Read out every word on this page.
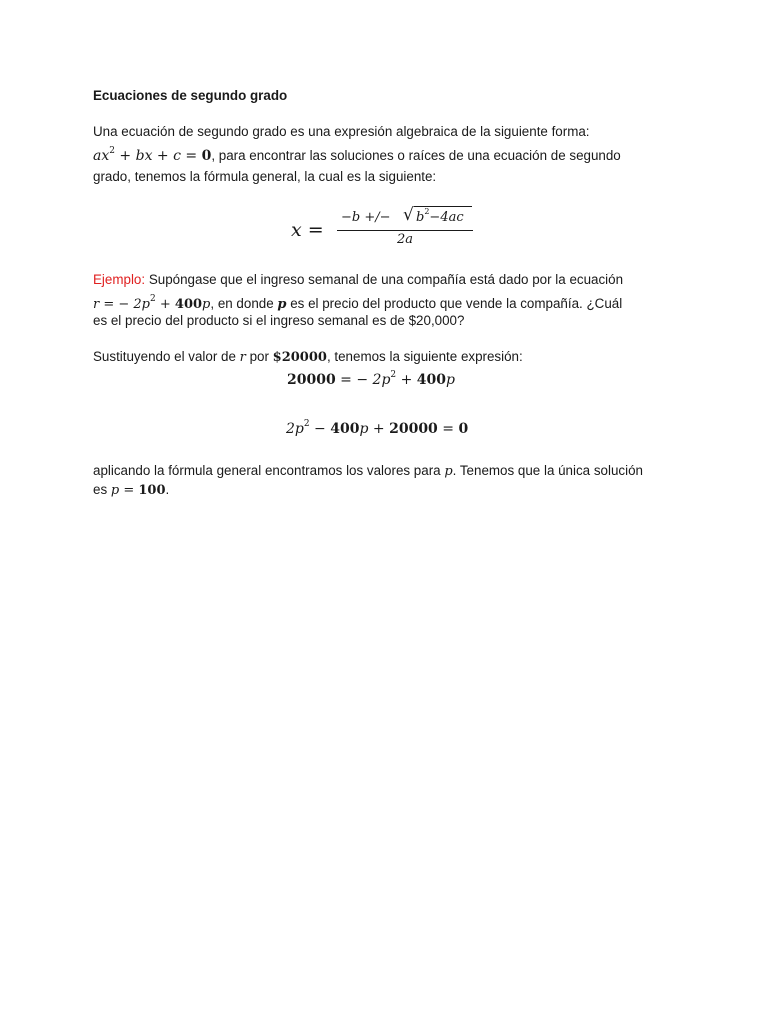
Ecuaciones de segundo grado
Una ecuación de segundo grado es una expresión algebraica de la siguiente forma:
$ax^2$ + bx + c = 0, para encontrar las soluciones o raíces de una ecuación de segundo
grado, tenemos la fórmula general, la cual es la siguiente:
x =
−b +/− √ $b^2-4ac$
2a
Ejemplo: Supóngase que el ingreso semanal de una compañía está dado por la ecuación
r = − $2p^2 + 400p$, en donde p es el precio del producto que vende la compañía. ¿Cuál
es el precio del producto si el ingreso semanal es de $20,000?
Sustituyendo el valor de r por $20000, tenemos la siguiente expresión:
20000 = − $2p^2 + 400p$
$2p^2 - 400p + 20000 = 0$
aplicando la fórmula general encontramos los valores para p. Tenemos que la única solución
es p = 100.
